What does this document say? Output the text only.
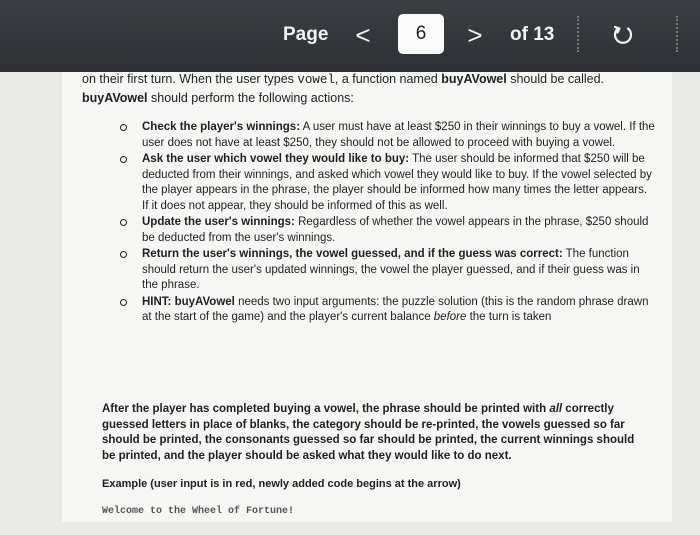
Page <
6	>	of 13

on their first turn. When the user types vowel, a function named buyAVowel should be called.
buyAVowel should perform the following actions:

Check the player's winnings: A user must have at least $250 in their winnings to buy a vowel. If the user does not have at least $250, they should not be allowed to proceed with buying a vowel.
Ask the user which vowel they would like to buy: The user should be informed that $250 will be deducted from their winnings, and asked which vowel they would like to buy. If the vowel selected by the player appears in the phrase, the player should be informed how many times the letter appears. If it does not appear, they should be informed of this as well.
Update the user's winnings: Regardless of whether the vowel appears in the phrase, $250 should be deducted from the user's winnings.
Return the user's winnings, the vowel guessed, and if the guess was correct: The function should return the user's updated winnings, the vowel the player guessed, and if their guess was in the phrase.
HINT: buyAVowel needs two input arguments: the puzzle solution (this is the random phrase drawn at the start of the game) and the player's current balance before the turn is taken

After the player has completed buying a vowel, the phrase should be printed with all correctly guessed letters in place of blanks, the category should be re-printed, the vowels guessed so far should be printed, the consonants guessed so far should be printed, the current winnings should be printed, and the player should be asked what they would like to do next.

Example (user input is in red, newly added code begins at the arrow)

Welcome to the Wheel of Fortune!
